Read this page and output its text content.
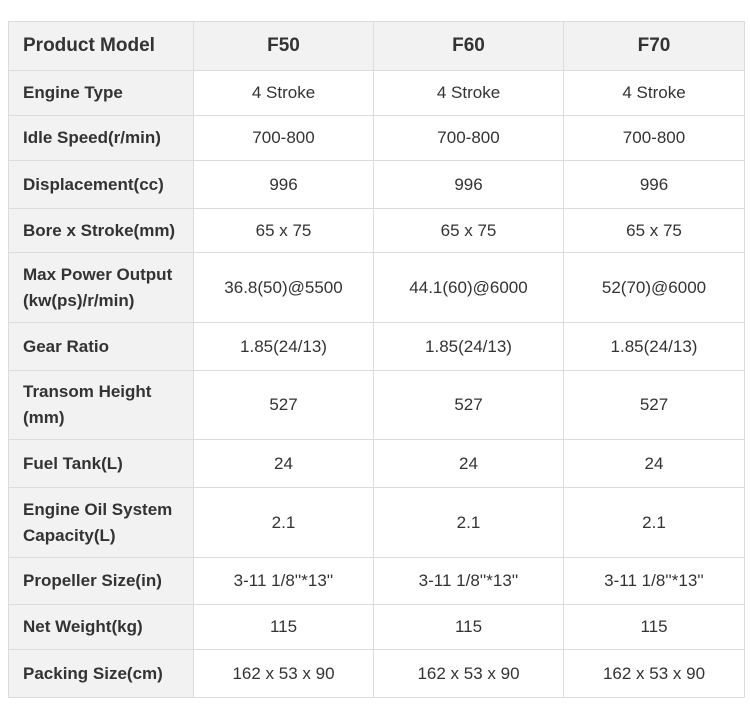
Product Model	F50	F60	F70
Engine Type	4 Stroke	4 Stroke	4 Stroke
Idle Speed(r/min)	700-800	700-800	700-800
Displacement(cc)	996	996	996
Bore x Stroke(mm)	65 x 75	65 x 75	65 x 75
Max Power Output (kw(ps)/r/min)	36.8(50)@5500	44.1(60)@6000	52(70)@6000
Gear Ratio	1.85(24/13)	1.85(24/13)	1.85(24/13)
Transom Height (mm)	527	527	527
Fuel Tank(L)	24	24	24
Engine Oil System Capacity(L)	2.1	2.1	2.1
Propeller Size(in)	3-11 1/8''*13''	3-11 1/8''*13''	3-11 1/8''*13''
Net Weight(kg)	115	115	115
Packing Size(cm)	162 x 53 x 90	162 x 53 x 90	162 x 53 x 90
